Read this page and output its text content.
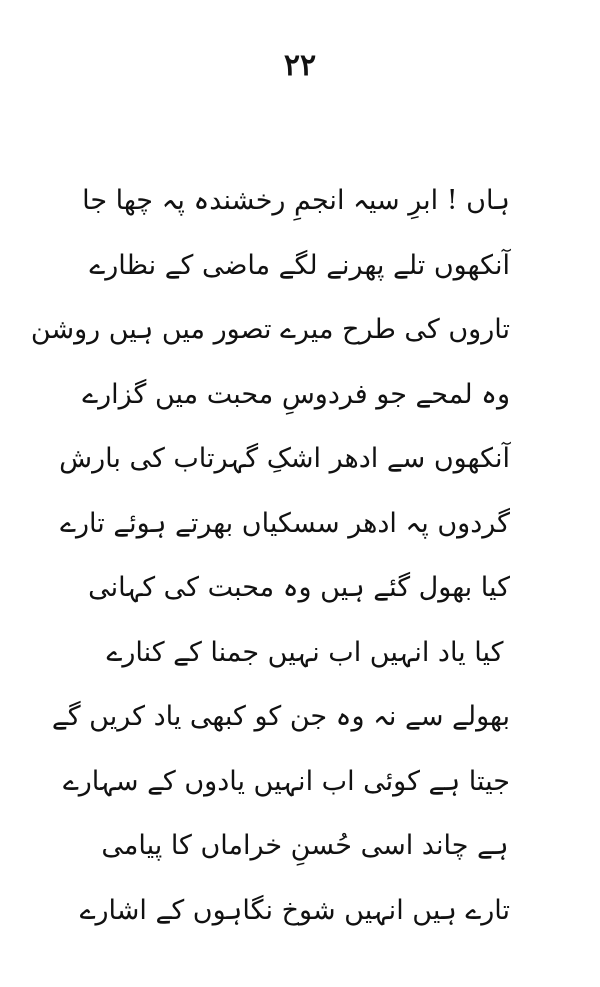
٢٢
ہاں ! ابرِ سیہ انجمِ رخشندہ پہ چھا جا
آنکھوں تلے پھرنے لگے ماضی کے نظارے
تاروں کی طرح میرے تصور میں ہیں روشن
وہ لمحے جو فردوسِ محبت میں گزارے
آنکھوں سے ادھر اشکِ گہرتاب کی بارش
گردوں پہ ادھر سسکیاں بھرتے ہوئے تارے
کیا بھول گئے ہیں وہ محبت کی کہانی
کیا یاد انہیں اب نہیں جمنا کے کنارے
بھولے سے نہ وہ جن کو کبھی یاد کریں گے
جیتا ہے کوئی اب انہیں یادوں کے سہارے
ہے چاند اسی حُسنِ خراماں کا پیامی
تارے ہیں انہیں شوخ نگاہوں کے اشارے
